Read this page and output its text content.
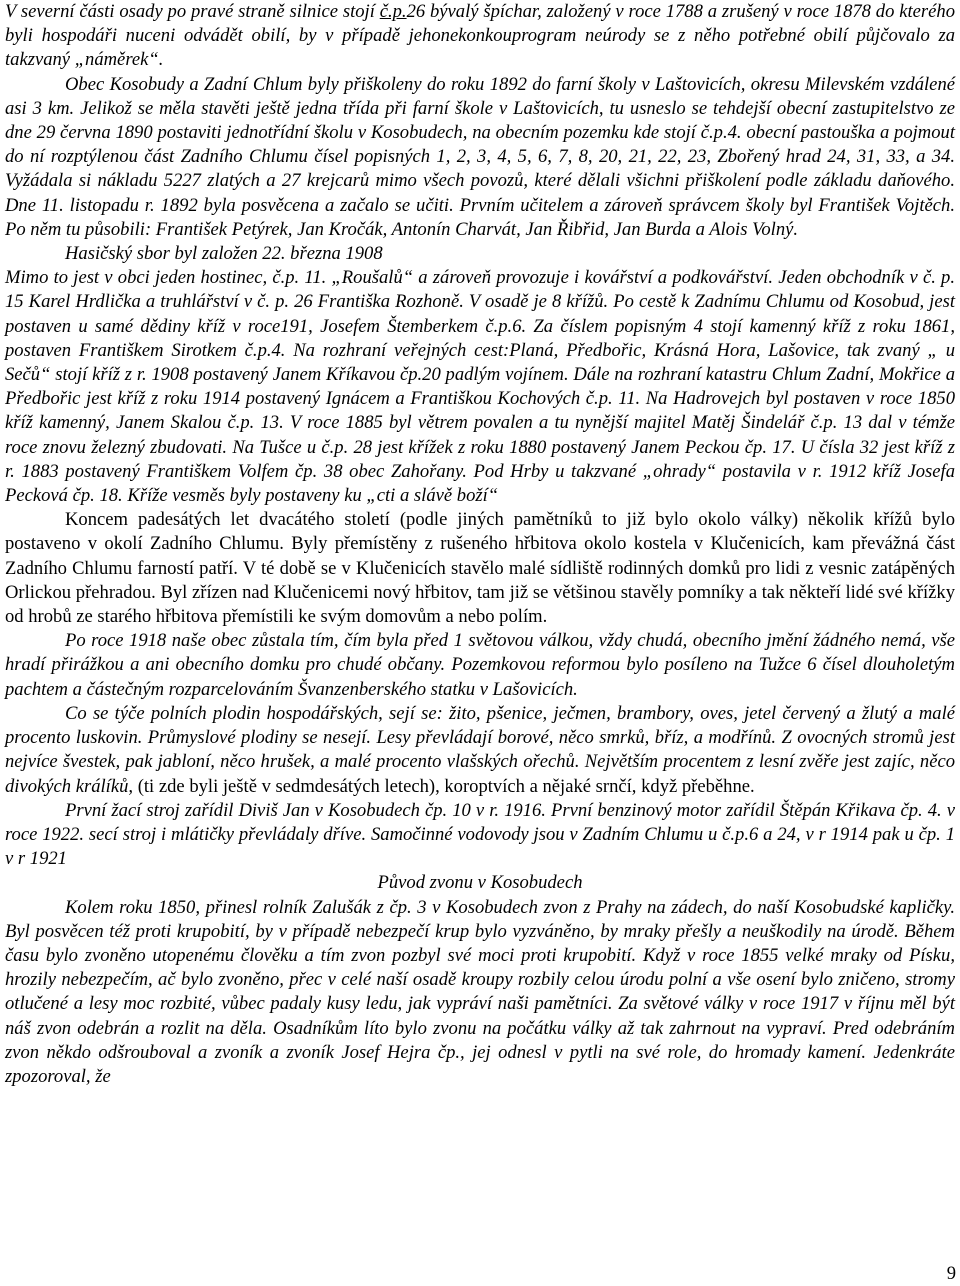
V severní části osady po pravé straně silnice stojí č.p.26 bývalý špíchar, založený v roce 1788 a zrušený v roce 1878 do kterého byli hospodáři nuceni odvádět obilí, by v případě jehonekonkouprogram neúrody se z něho potřebné obilí půjčovalo za takzvaný „náměrek“.

Obec Kosobudy a Zadní Chlum byly přiškoleny do roku 1892 do farní školy v Laštovicích, okresu Milevském vzdálené asi 3 km. Jelikož se měla stavěti ještě jedna třída při farní škole v Laštovicích, tu usneslo se tehdejší obecní zastupitelstvo ze dne 29 června 1890 postaviti jednotřídní školu v Kosobudech, na obecním pozemku kde stojí č.p.4. obecní pastouška a pojmout do ní rozptýlenou část Zadního Chlumu čísel popisných 1, 2, 3, 4, 5, 6, 7, 8, 20, 21, 22, 23, Zbořený hrad 24, 31, 33, a 34. Vyžádala si nákladu 5227 zlatých a 27 krejcarů mimo všech povozů, které dělali všichni přiškolení podle základu daňového. Dne 11. listopadu r. 1892 byla posvěcena a začalo se učiti. Prvním učitelem a zároveň správcem školy byl František Vojtěch. Po něm tu působili: František Petýrek, Jan Kročák, Antonín Charvát, Jan Řibřid, Jan Burda a Alois Volný.

Hasičský sbor byl založen 22. března 1908

Mimo to jest v obci jeden hostinec, č.p. 11. „Roušalů“ a zároveň provozuje i kovářství a podkovářství. Jeden obchodník v č. p. 15 Karel Hrdlička a truhlářství v č. p. 26 Františka Rozhoně. V osadě je 8 křížů. Po cestě k Zadnímu Chlumu od Kosobud, jest postaven u samé dědiny kříž v roce191, Josefem Štemberkem č.p.6. Za číslem popisným 4 stojí kamenný kříž z roku 1861, postaven Františkem Sirotkem č.p.4. Na rozhraní veřejných cest:Planá, Předbořic, Krásná Hora, Lašovice, tak zvaný „ u Sečů“ stojí kříž z r. 1908 postavený Janem Kříkavou čp.20 padlým vojínem. Dále na rozhraní katastru Chlum Zadní, Mokřice a Předbořic jest kříž z roku 1914 postavený Ignácem a Františkou Kochových č.p. 11. Na Hadrovejch byl postaven v roce 1850 kříž kamenný, Janem Skalou č.p. 13. V roce 1885 byl větrem povalen a tu nynější majitel Matěj Šindelář č.p. 13 dal v témže roce znovu železný zbudovati. Na Tušce u č.p. 28 jest křížek z roku 1880 postavený Janem Peckou čp. 17. U čísla 32 jest kříž z r. 1883 postavený Františkem Volfem čp. 38 obec Zahořany. Pod Hrby u takzvané „ohrady“ postavila v r. 1912 kříž Josefa Pecková čp. 18. Kříže vesměs byly postaveny ku „cti a slávě boží“

Koncem padesátých let dvacátého století (podle jiných pamětníků to již bylo okolo války) několik křížů bylo postaveno v okolí Zadního Chlumu. Byly přemístěny z rušeného hřbitova okolo kostela v Klučenicích, kam převážná část Zadního Chlumu farností patří. V té době se v Klučenicích stavělo malé sídliště rodinných domků pro lidi z vesnic zatápěných Orlickou přehradou. Byl zřízen nad Klučenicemi nový hřbitov, tam již se většinou stavěly pomníky a tak někteří lidé své křížky od hrobů ze starého hřbitova přemístili ke svým domovům a nebo polím.

Po roce 1918 naše obec zůstala tím, čím byla před 1 světovou válkou, vždy chudá, obecního jmění žádného nemá, vše hradí přirážkou a ani obecního domku pro chudé občany. Pozemkovou reformou bylo posíleno na Tužce 6 čísel dlouholetým pachtem a částečným rozparcelováním Švanzenberského statku v Lašovicích.

Co se týče polních plodin hospodářských, sejí se: žito, pšenice, ječmen, brambory, oves, jetel červený a žlutý a malé procento luskovin. Průmyslové plodiny se nesejí. Lesy převládají borové, něco smrků, bříz, a modřínů. Z ovocných stromů jest nejvíce švestek, pak jabloní, něco hrušek, a malé procento vlašských ořechů. Největším procentem z lesní zvěře jest zajíc, něco divokých králíků, (ti zde byli ještě v sedmdesátých letech), koroptvích a nějaké srnčí, když přeběhne.

První žací stroj zařídil Diviš Jan v Kosobudech čp. 10 v r. 1916. První benzinový motor zařídil Štěpán Křikava čp. 4. v roce 1922. secí stroj i mlátičky převládaly dříve. Samočinné vodovody jsou v Zadním Chlumu u č.p.6 a 24, v r 1914 pak u čp. 1 v r 1921

Původ zvonu v Kosobudech

Kolem roku 1850, přinesl rolník Zalušák z čp. 3 v Kosobudech zvon z Prahy na zádech, do naší Kosobudské kapličky. Byl posvěcen též proti krupobití, by v případě nebezpečí krup bylo vyzváněno, by mraky přešly a neuškodily na úrodě. Během času bylo zvoněno utopenému člověku a tím zvon pozbyl své moci proti krupobití. Když v roce 1855 velké mraky od Písku, hrozily nebezpečím, ač bylo zvoněno, přec v celé naší osadě kroupy rozbily celou úrodu polní a vše osení bylo zničeno, stromy otlučené a lesy moc rozbité, vůbec padaly kusy ledu, jak vypráví naši pamětníci. Za světové války v roce 1917 v říjnu měl být náš zvon odebrán a rozlit na děla. Osadníkům líto bylo zvonu na počátku války až tak zahrnout na vypraví. Pred odebráním zvon někdo odšroubo​val a zvoník a zvoník Josef Hejra čp., jej odnesl v pytli na své role, do hromady kamení. Jedenkráte zpozoroval, že

9
